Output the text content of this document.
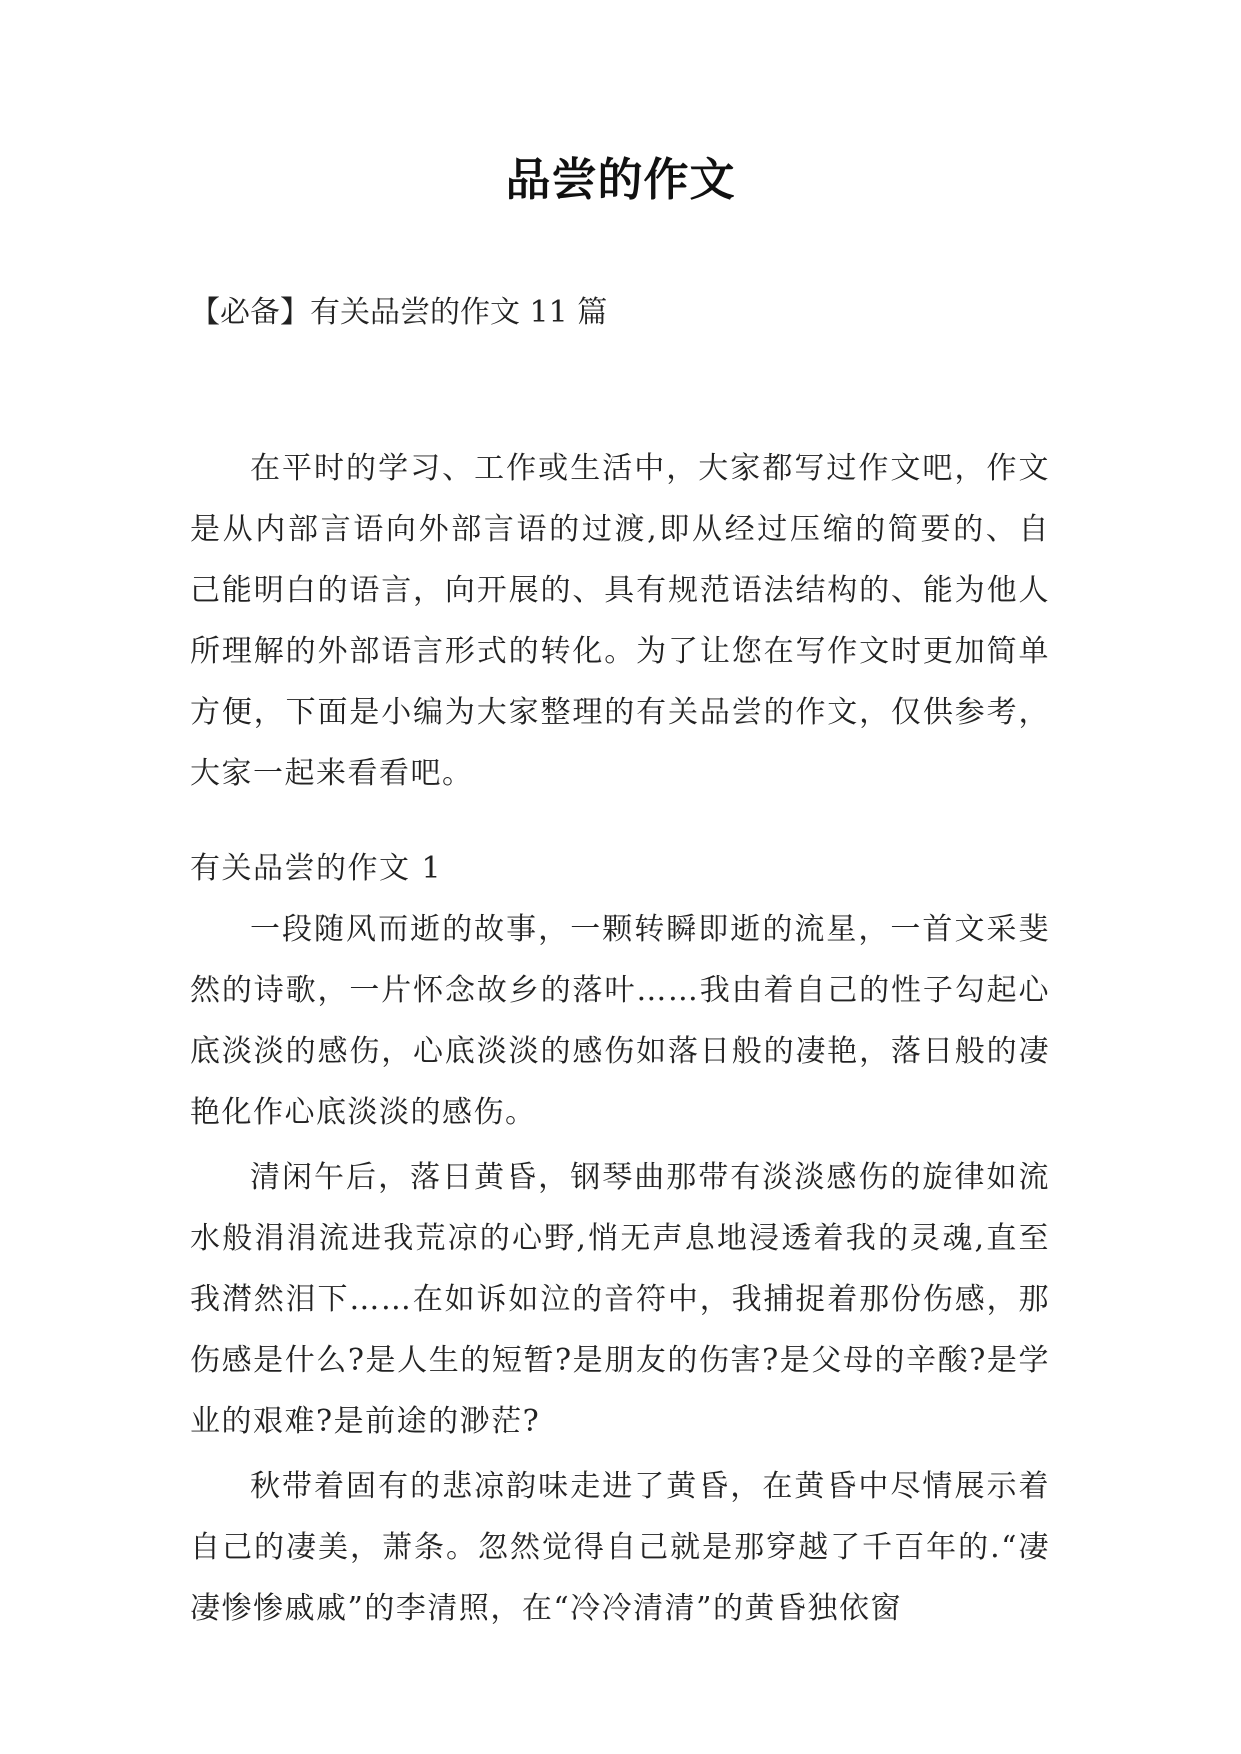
品尝的作文

【必备】有关品尝的作文 11 篇

在平时的学习、工作或生活中，大家都写过作文吧，作文是从内部言语向外部言语的过渡,即从经过压缩的简要的、自己能明白的语言，向开展的、具有规范语法结构的、能为他人所理解的外部语言形式的转化。为了让您在写作文时更加简单方便，下面是小编为大家整理的有关品尝的作文，仅供参考，大家一起来看看吧。

有关品尝的作文 1

一段随风而逝的故事，一颗转瞬即逝的流星，一首文采斐然的诗歌，一片怀念故乡的落叶……我由着自己的性子勾起心底淡淡的感伤，心底淡淡的感伤如落日般的凄艳，落日般的凄艳化作心底淡淡的感伤。

清闲午后，落日黄昏，钢琴曲那带有淡淡感伤的旋律如流水般涓涓流进我荒凉的心野,悄无声息地浸透着我的灵魂,直至我潸然泪下……在如诉如泣的音符中，我捕捉着那份伤感，那伤感是什么?是人生的短暂?是朋友的伤害?是父母的辛酸?是学业的艰难?是前途的渺茫?

秋带着固有的悲凉韵味走进了黄昏，在黄昏中尽情展示着自己的凄美，萧条。忽然觉得自己就是那穿越了千百年的.“凄凄惨惨戚戚”的李清照，在“冷冷清清”的黄昏独依窗
